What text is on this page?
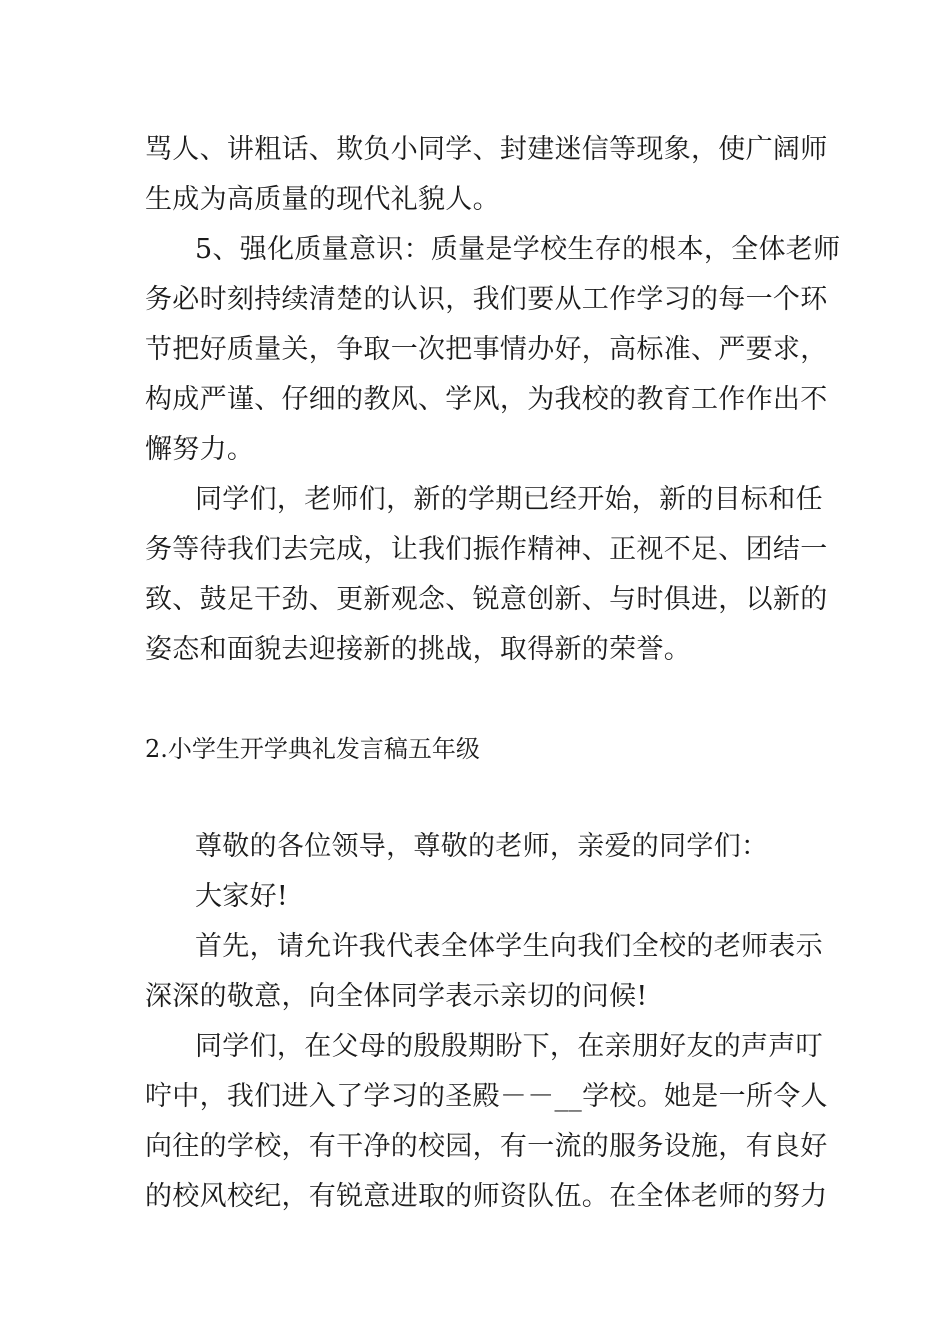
骂人、讲粗话、欺负小同学、封建迷信等现象，使广阔师
生成为高质量的现代礼貌人。
5、强化质量意识：质量是学校生存的根本，全体老师
务必时刻持续清楚的认识，我们要从工作学习的每一个环
节把好质量关，争取一次把事情办好，高标准、严要求，
构成严谨、仔细的教风、学风，为我校的教育工作作出不
懈努力。
同学们，老师们，新的学期已经开始，新的目标和任
务等待我们去完成，让我们振作精神、正视不足、团结一
致、鼓足干劲、更新观念、锐意创新、与时俱进，以新的
姿态和面貌去迎接新的挑战，取得新的荣誉。
2.小学生开学典礼发言稿五年级
尊敬的各位领导，尊敬的老师，亲爱的同学们：
大家好!
首先，请允许我代表全体学生向我们全校的老师表示
深深的敬意，向全体同学表示亲切的问候!
同学们，在父母的殷殷期盼下，在亲朋好友的声声叮
咛中，我们进入了学习的圣殿－－__学校。她是一所令人
向往的学校，有干净的校园，有一流的服务设施，有良好
的校风校纪，有锐意进取的师资队伍。在全体老师的努力
